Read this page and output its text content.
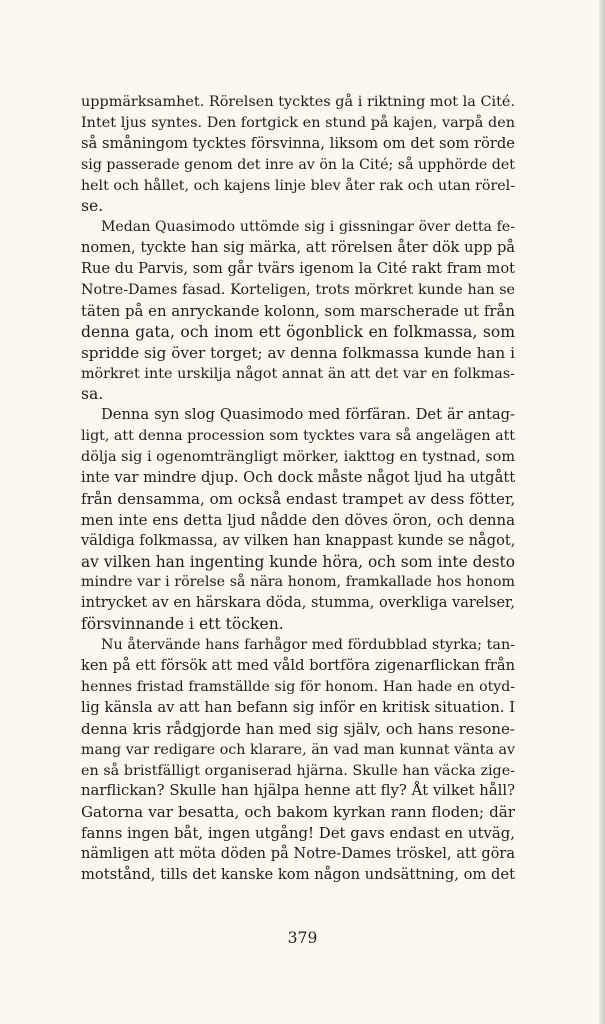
uppmärksamhet. Rörelsen tycktes gå i riktning mot la Cité.
Intet ljus syntes. Den fortgick en stund på kajen, varpå den
så småningom tycktes försvinna, liksom om det som rörde
sig passerade genom det inre av ön la Cité; så upphörde det
helt och hållet, och kajens linje blev åter rak och utan rörel-
se.
Medan Quasimodo uttömde sig i gissningar över detta fe-
nomen, tyckte han sig märka, att rörelsen åter dök upp på
Rue du Parvis, som går tvärs igenom la Cité rakt fram mot
Notre-Dames fasad. Korteligen, trots mörkret kunde han se
täten på en anryckande kolonn, som marscherade ut från
denna gata, och inom ett ögonblick en folkmassa, som
spridde sig över torget; av denna folkmassa kunde han i
mörkret inte urskilja något annat än att det var en folkmas-
sa.
Denna syn slog Quasimodo med förfäran. Det är antag-
ligt, att denna procession som tycktes vara så angelägen att
dölja sig i ogenomträngligt mörker, iakttog en tystnad, som
inte var mindre djup. Och dock måste något ljud ha utgått
från densamma, om också endast trampet av dess fötter,
men inte ens detta ljud nådde den döves öron, och denna
väldiga folkmassa, av vilken han knappast kunde se något,
av vilken han ingenting kunde höra, och som inte desto
mindre var i rörelse så nära honom, framkallade hos honom
intrycket av en härskara döda, stumma, overkliga varelser,
försvinnande i ett töcken.
Nu återvände hans farhågor med fördubblad styrka; tan-
ken på ett försök att med våld bortföra zigenarflickan från
hennes fristad framställde sig för honom. Han hade en otyd-
lig känsla av att han befann sig inför en kritisk situation. I
denna kris rådgjorde han med sig själv, och hans resone-
mang var redigare och klarare, än vad man kunnat vänta av
en så bristfälligt organiserad hjärna. Skulle han väcka zige-
narflickan? Skulle han hjälpa henne att fly? Åt vilket håll?
Gatorna var besatta, och bakom kyrkan rann floden; där
fanns ingen båt, ingen utgång! Det gavs endast en utväg,
nämligen att möta döden på Notre-Dames tröskel, att göra
motstånd, tills det kanske kom någon undsättning, om det
379
